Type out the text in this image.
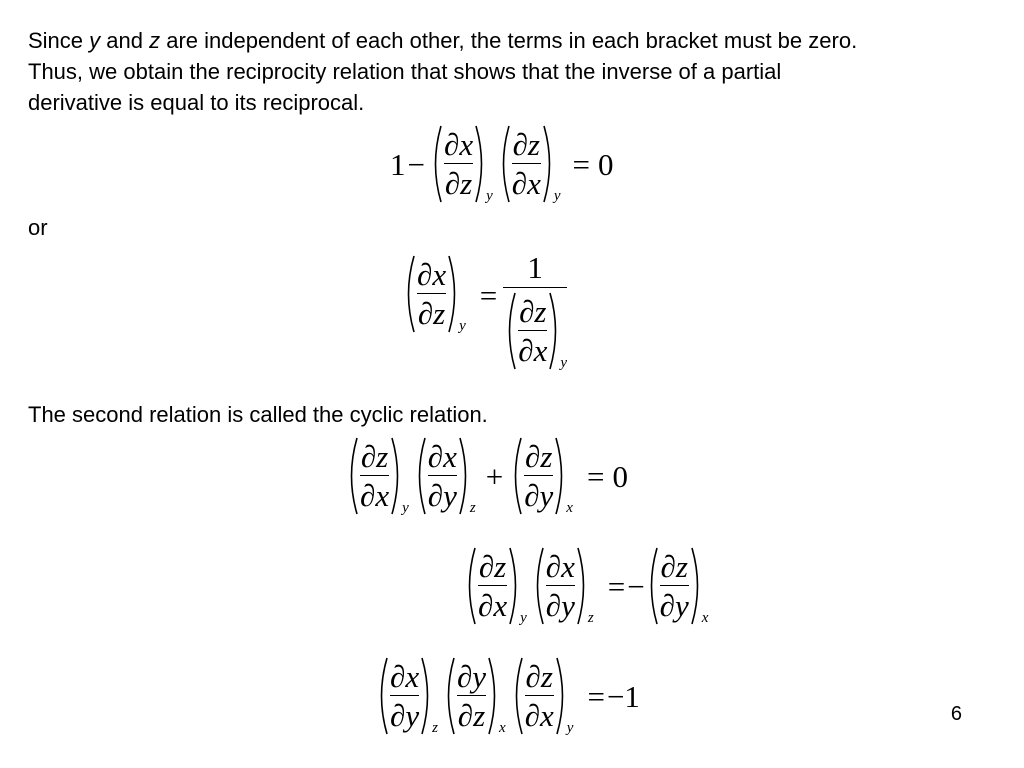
Since y and z are independent of each other, the terms in each bracket must be zero.
Thus, we obtain the reciprocity relation that shows that the inverse of a partial
derivative is equal to its reciprocal.
$1 - \frac{\partial x}{\partial z}$ y $\frac{\partial z}{\partial x}$ y
= 0
or
$\frac{\partial x}{\partial z}$ y
=
1
$\frac{\partial z}{\partial x}$ y
The second relation is called the cyclic relation.
$\frac{\partial z}{\partial x}$ y $\frac{\partial x}{\partial y}$ z
+ $\frac{\partial z}{\partial y}$ x
= 0
$\frac{\partial z}{\partial x}$ y $\frac{\partial x}{\partial y}$ z
= − $\frac{\partial z}{\partial y}$ x
$\frac{\partial x}{\partial y}$ z $\frac{\partial y}{\partial z}$ x $\frac{\partial z}{\partial x}$ y
= −1
6
